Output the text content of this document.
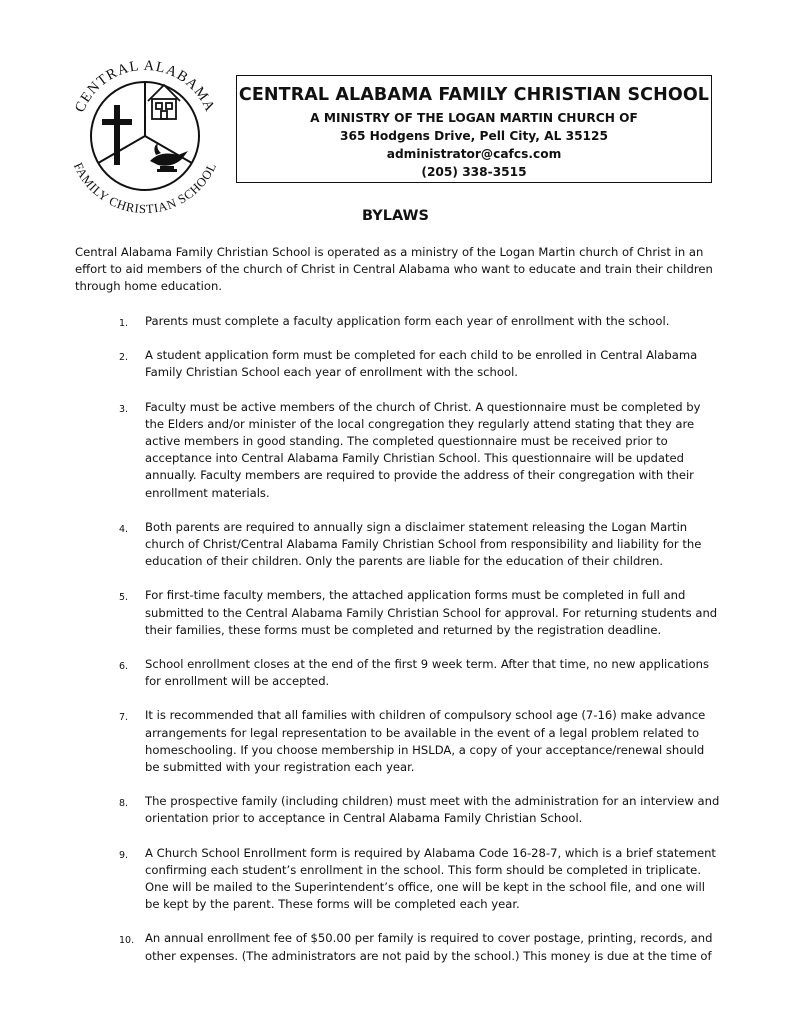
CENTRAL ALABAMA
FAMILY CHRISTIAN SCHOOL
CENTRAL ALABAMA FAMILY CHRISTIAN SCHOOL
A MINISTRY OF THE LOGAN MARTIN CHURCH OF
365 Hodgens Drive, Pell City, AL 35125
administrator@cafcs.com
(205) 338-3515
BYLAWS
Central Alabama Family Christian School is operated as a ministry of the Logan Martin church of Christ in an effort to aid members of the church of Christ in Central Alabama who want to educate and train their children through home education.
1. Parents must complete a faculty application form each year of enrollment with the school.
2. A student application form must be completed for each child to be enrolled in Central Alabama Family Christian School each year of enrollment with the school.
3. Faculty must be active members of the church of Christ. A questionnaire must be completed by the Elders and/or minister of the local congregation they regularly attend stating that they are active members in good standing. The completed questionnaire must be received prior to acceptance into Central Alabama Family Christian School. This questionnaire will be updated annually. Faculty members are required to provide the address of their congregation with their enrollment materials.
4. Both parents are required to annually sign a disclaimer statement releasing the Logan Martin church of Christ/Central Alabama Family Christian School from responsibility and liability for the education of their children. Only the parents are liable for the education of their children.
5. For first-time faculty members, the attached application forms must be completed in full and submitted to the Central Alabama Family Christian School for approval. For returning students and their families, these forms must be completed and returned by the registration deadline.
6. School enrollment closes at the end of the first 9 week term. After that time, no new applications for enrollment will be accepted.
7. It is recommended that all families with children of compulsory school age (7-16) make advance arrangements for legal representation to be available in the event of a legal problem related to homeschooling. If you choose membership in HSLDA, a copy of your acceptance/renewal should be submitted with your registration each year.
8. The prospective family (including children) must meet with the administration for an interview and orientation prior to acceptance in Central Alabama Family Christian School.
9. A Church School Enrollment form is required by Alabama Code 16-28-7, which is a brief statement confirming each student’s enrollment in the school. This form should be completed in triplicate. One will be mailed to the Superintendent’s office, one will be kept in the school file, and one will be kept by the parent. These forms will be completed each year.
10. An annual enrollment fee of $50.00 per family is required to cover postage, printing, records, and other expenses. (The administrators are not paid by the school.) This money is due at the time of
